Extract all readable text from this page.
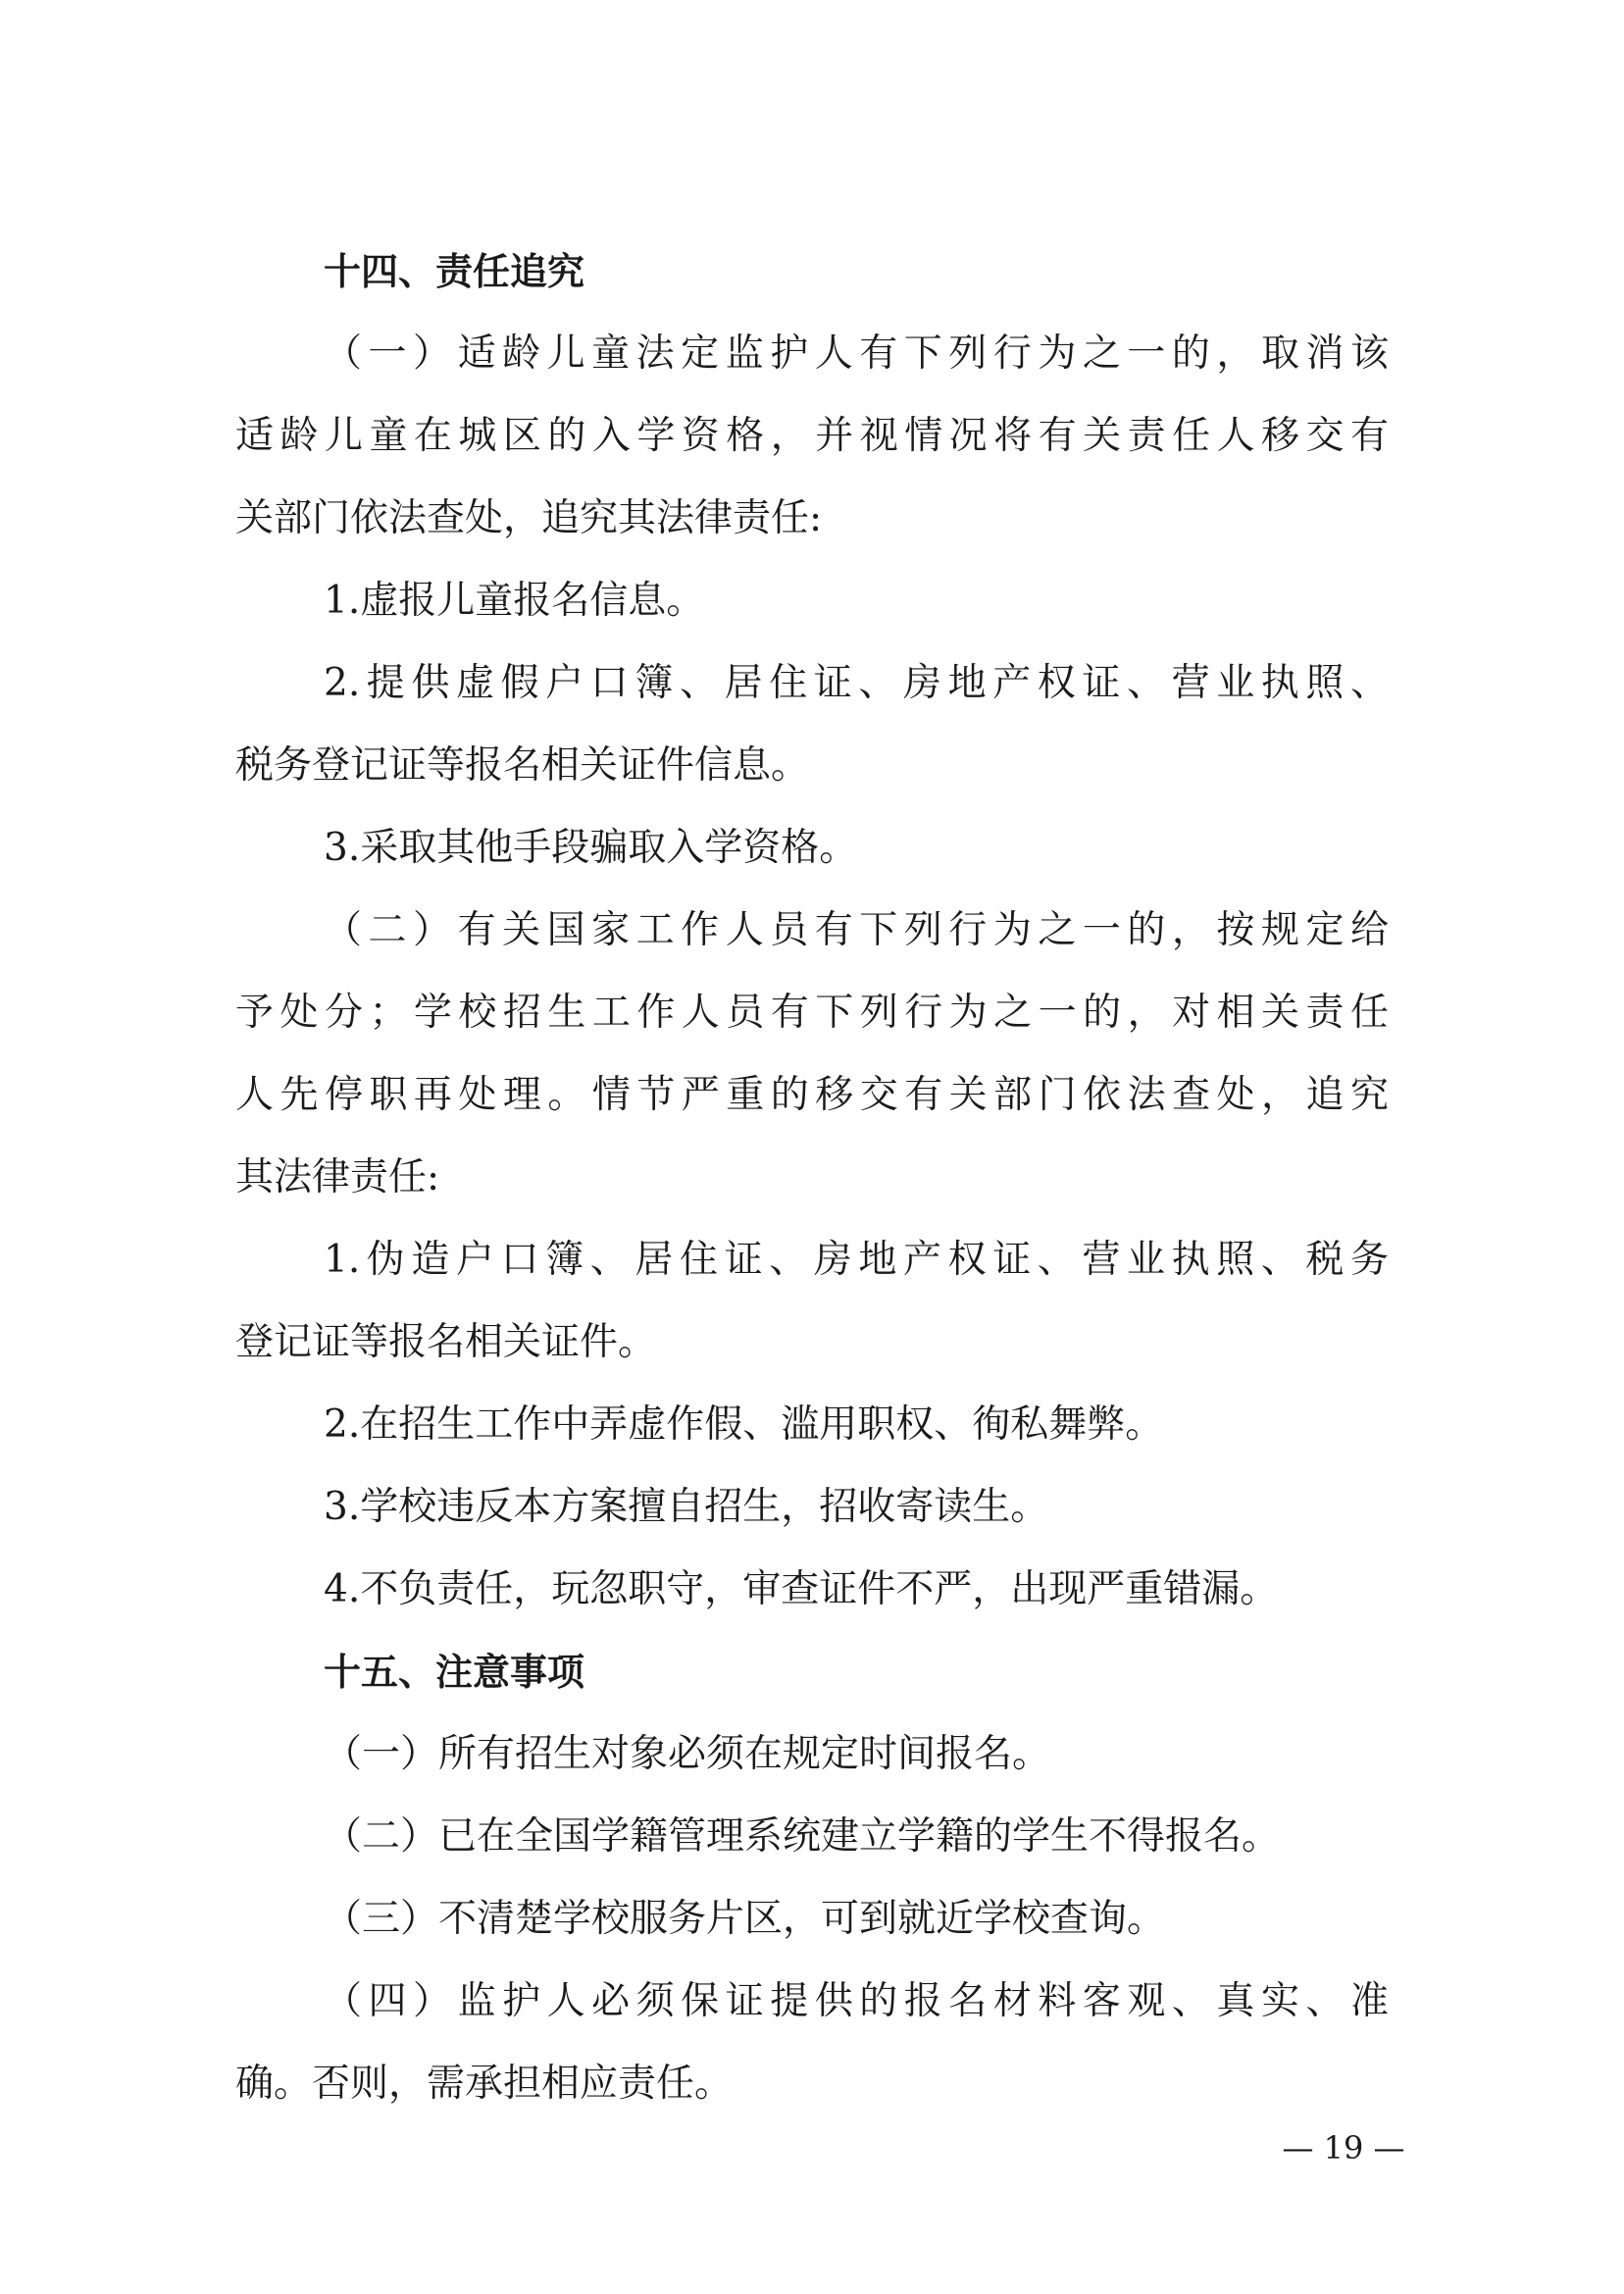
十四、责任追究
（一）适龄儿童法定监护人有下列行为之一的，取消该
适龄儿童在城区的入学资格，并视情况将有关责任人移交有
关部门依法查处，追究其法律责任:
1.虚报儿童报名信息。
2.提供虚假户口簿、居住证、房地产权证、营业执照、
税务登记证等报名相关证件信息。
3.采取其他手段骗取入学资格。
（二）有关国家工作人员有下列行为之一的，按规定给
予处分；学校招生工作人员有下列行为之一的，对相关责任
人先停职再处理。情节严重的移交有关部门依法查处，追究
其法律责任:
1.伪造户口簿、居住证、房地产权证、营业执照、税务
登记证等报名相关证件。
2.在招生工作中弄虚作假、滥用职权、徇私舞弊。
3.学校违反本方案擅自招生，招收寄读生。
4.不负责任，玩忽职守，审查证件不严，出现严重错漏。
十五、注意事项
（一）所有招生对象必须在规定时间报名。
（二）已在全国学籍管理系统建立学籍的学生不得报名。
（三）不清楚学校服务片区，可到就近学校查询。
（四）监护人必须保证提供的报名材料客观、真实、准
确。否则，需承担相应责任。
— 19 —
